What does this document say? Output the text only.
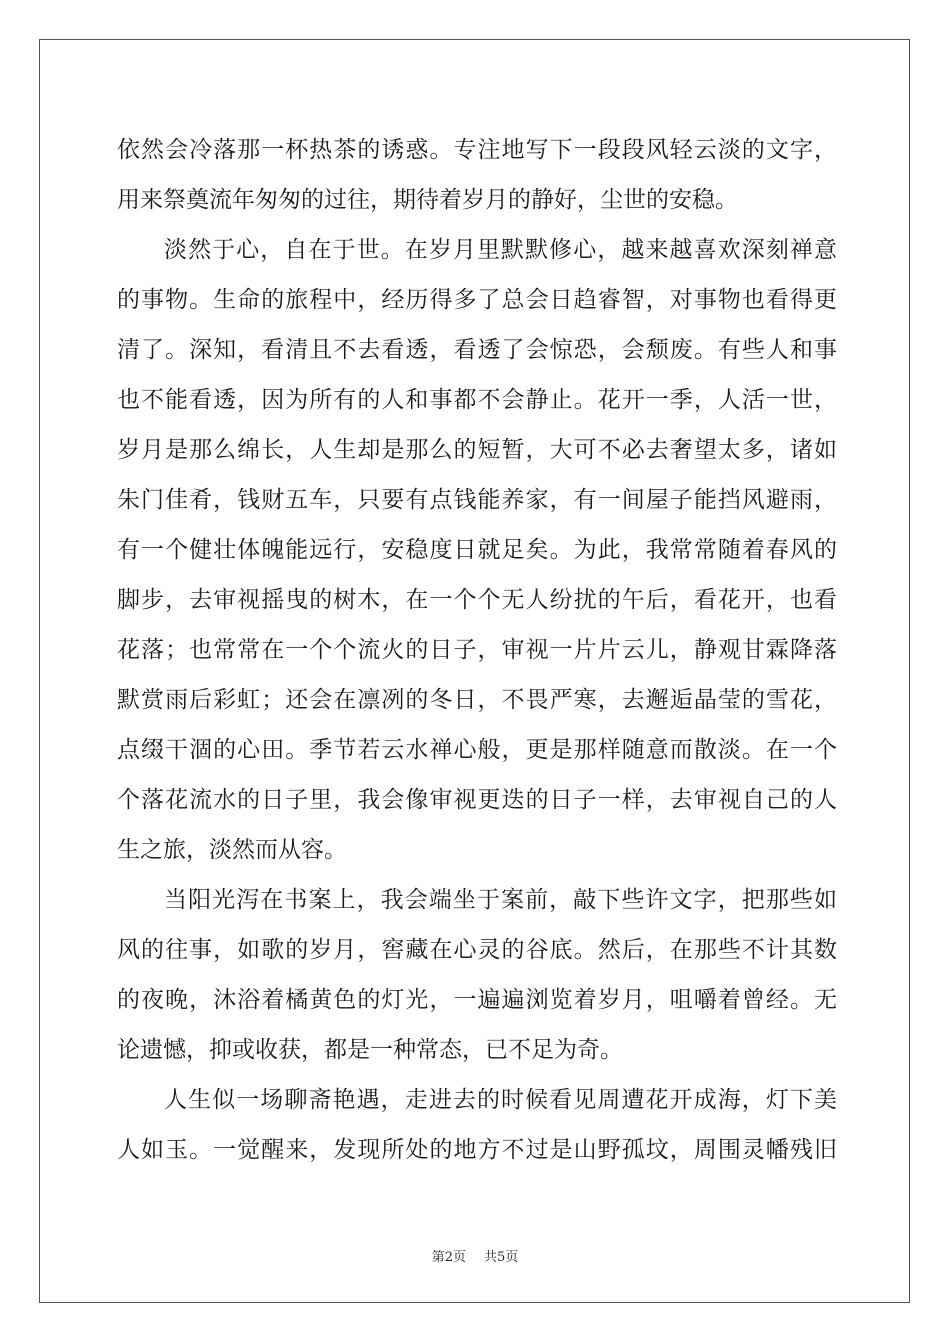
依然会冷落那一杯热茶的诱惑。专注地写下一段段风轻云淡的文字，
用来祭奠流年匆匆的过往，期待着岁月的静好，尘世的安稳。
淡然于心，自在于世。在岁月里默默修心，越来越喜欢深刻禅意
的事物。生命的旅程中，经历得多了总会日趋睿智，对事物也看得更
清了。深知，看清且不去看透，看透了会惊恐，会颓废。有些人和事
也不能看透，因为所有的人和事都不会静止。花开一季，人活一世，
岁月是那么绵长，人生却是那么的短暂，大可不必去奢望太多，诸如
朱门佳肴，钱财五车，只要有点钱能养家，有一间屋子能挡风避雨，
有一个健壮体魄能远行，安稳度日就足矣。为此，我常常随着春风的
脚步，去审视摇曳的树木，在一个个无人纷扰的午后，看花开，也看
花落；也常常在一个个流火的日子，审视一片片云儿，静观甘霖降落
默赏雨后彩虹；还会在凛冽的冬日，不畏严寒，去邂逅晶莹的雪花，
点缀干涸的心田。季节若云水禅心般，更是那样随意而散淡。在一个
个落花流水的日子里，我会像审视更迭的日子一样，去审视自己的人
生之旅，淡然而从容。
当阳光泻在书案上，我会端坐于案前，敲下些许文字，把那些如
风的往事，如歌的岁月，窖藏在心灵的谷底。然后，在那些不计其数
的夜晚，沐浴着橘黄色的灯光，一遍遍浏览着岁月，咀嚼着曾经。无
论遗憾，抑或收获，都是一种常态，已不足为奇。
人生似一场聊斋艳遇，走进去的时候看见周遭花开成海，灯下美
人如玉。一觉醒来，发现所处的地方不过是山野孤坟，周围灵幡残旧
第2页 共5页
